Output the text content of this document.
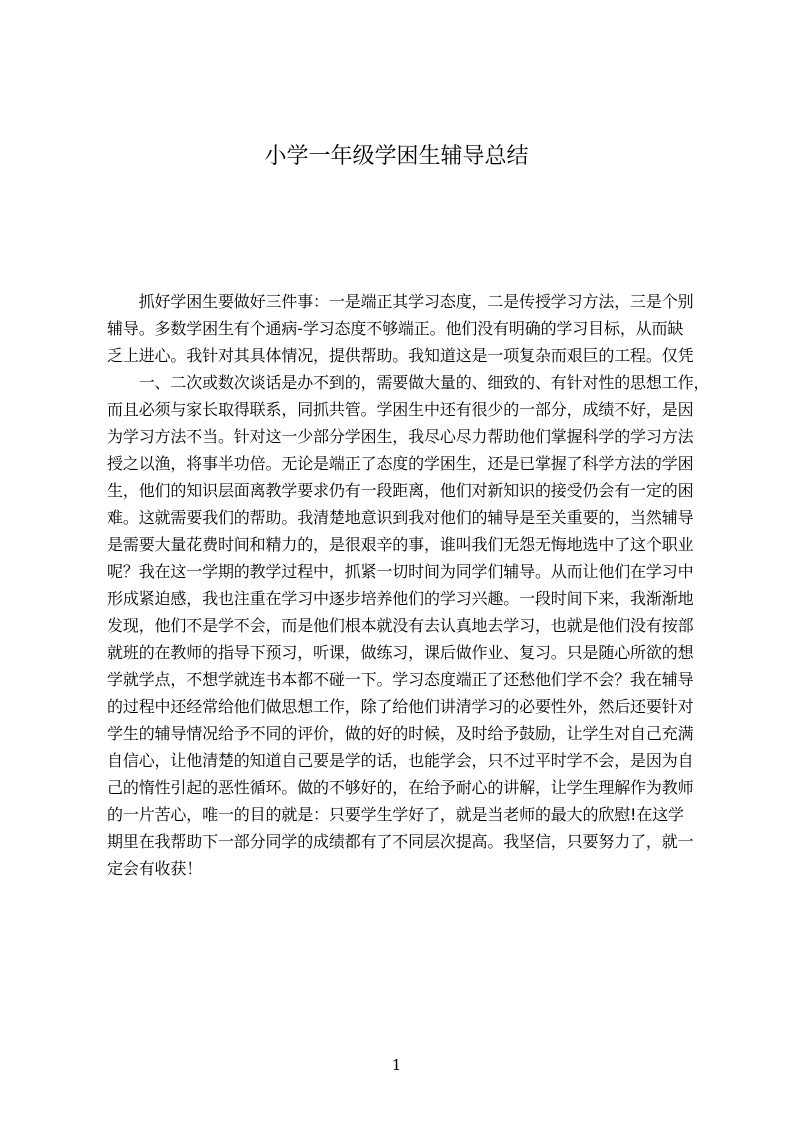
小学一年级学困生辅导总结
　　抓好学困生要做好三件事：一是端正其学习态度，二是传授学习方法，三是个别
辅导。多数学困生有个通病-学习态度不够端正。他们没有明确的学习目标，从而缺
乏上进心。我针对其具体情况，提供帮助。我知道这是一项复杂而艰巨的工程。仅凭
　　一、二次或数次谈话是办不到的，需要做大量的、细致的、有针对性的思想工作，
而且必须与家长取得联系，同抓共管。学困生中还有很少的一部分，成绩不好，是因
为学习方法不当。针对这一少部分学困生，我尽心尽力帮助他们掌握科学的学习方法
授之以渔，将事半功倍。无论是端正了态度的学困生，还是已掌握了科学方法的学困
生，他们的知识层面离教学要求仍有一段距离，他们对新知识的接受仍会有一定的困
难。这就需要我们的帮助。我清楚地意识到我对他们的辅导是至关重要的，当然辅导
是需要大量花费时间和精力的，是很艰辛的事，谁叫我们无怨无悔地选中了这个职业
呢？我在这一学期的教学过程中，抓紧一切时间为同学们辅导。从而让他们在学习中
形成紧迫感，我也注重在学习中逐步培养他们的学习兴趣。一段时间下来，我渐渐地
发现，他们不是学不会，而是他们根本就没有去认真地去学习，也就是他们没有按部
就班的在教师的指导下预习，听课，做练习，课后做作业、复习。只是随心所欲的想
学就学点，不想学就连书本都不碰一下。学习态度端正了还愁他们学不会？我在辅导
的过程中还经常给他们做思想工作，除了给他们讲清学习的必要性外，然后还要针对
学生的辅导情况给予不同的评价，做的好的时候，及时给予鼓励，让学生对自己充满
自信心，让他清楚的知道自己要是学的话，也能学会，只不过平时学不会，是因为自
己的惰性引起的恶性循环。做的不够好的，在给予耐心的讲解，让学生理解作为教师
的一片苦心，唯一的目的就是：只要学生学好了，就是当老师的最大的欣慰!在这学
期里在我帮助下一部分同学的成绩都有了不同层次提高。我坚信，只要努力了，就一
定会有收获！
1
